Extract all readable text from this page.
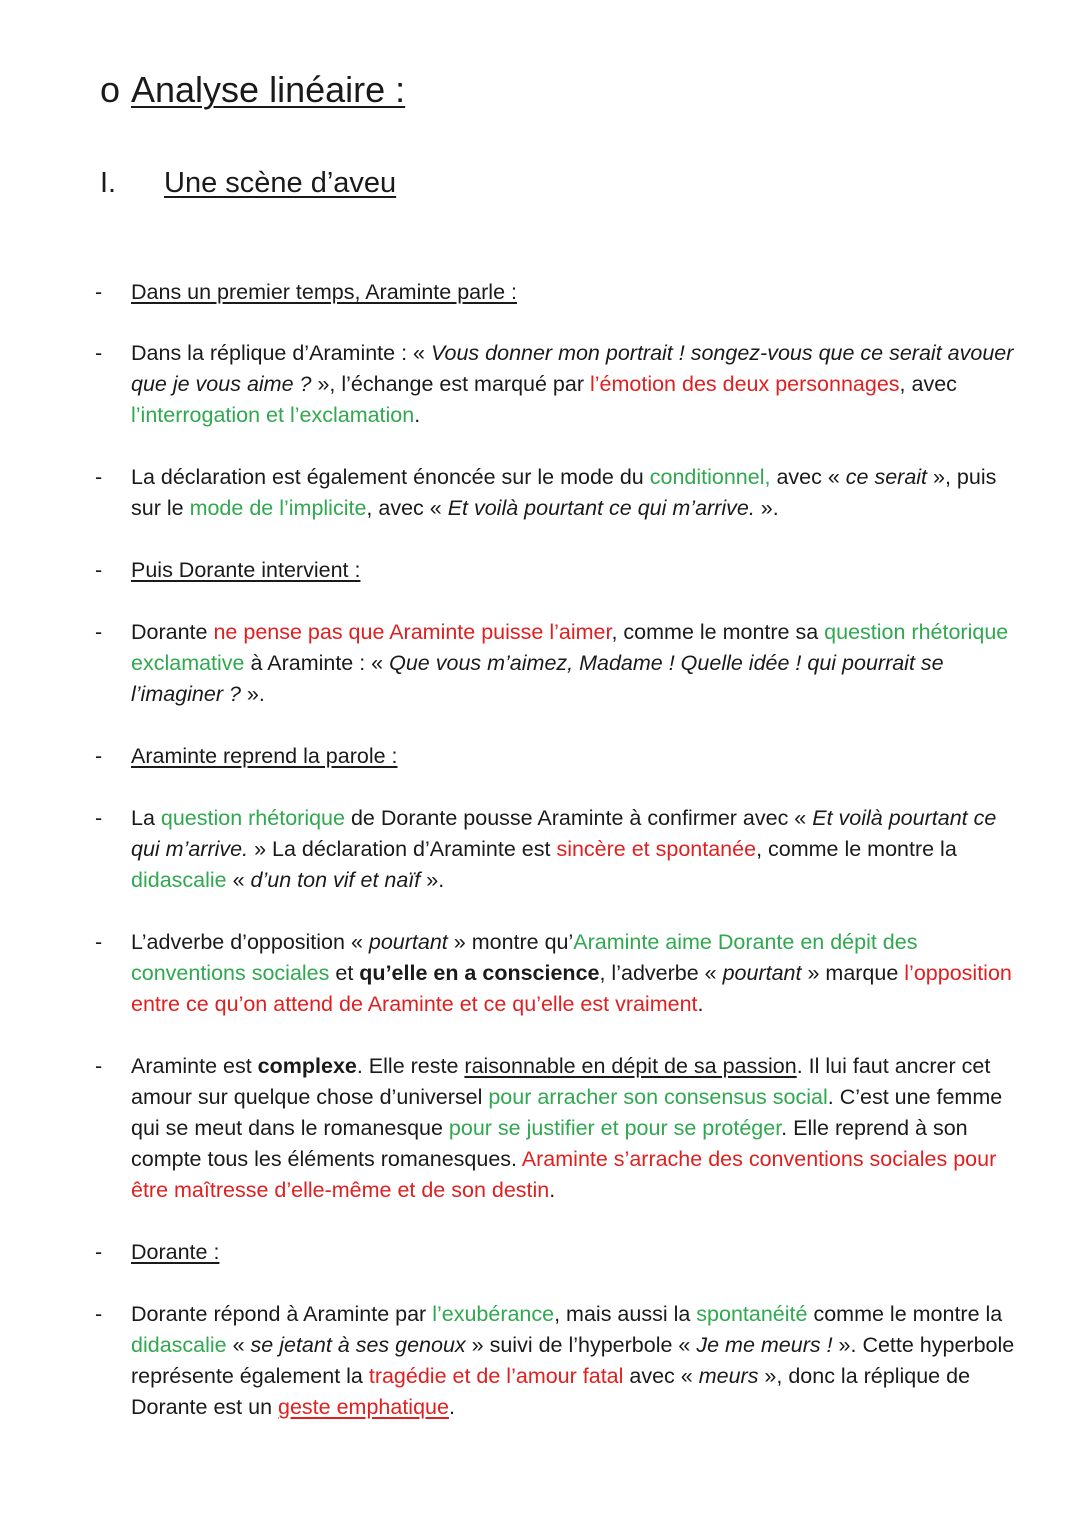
o Analyse linéaire :
I. Une scène d’aveu
- Dans un premier temps, Araminte parle :
- Dans la réplique d’Araminte : « Vous donner mon portrait ! songez-vous que ce serait avouer que je vous aime ? », l’échange est marqué par l’émotion des deux personnages, avec l’interrogation et l’exclamation.
- La déclaration est également énoncée sur le mode du conditionnel, avec « ce serait », puis sur le mode de l’implicite, avec « Et voilà pourtant ce qui m’arrive. ».
- Puis Dorante intervient :
- Dorante ne pense pas que Araminte puisse l’aimer, comme le montre sa question rhétorique exclamative à Araminte : « Que vous m’aimez, Madame ! Quelle idée ! qui pourrait se l’imaginer ? ».
- Araminte reprend la parole :
- La question rhétorique de Dorante pousse Araminte à confirmer avec « Et voilà pourtant ce qui m’arrive. » La déclaration d’Araminte est sincère et spontanée, comme le montre la didascalie « d’un ton vif et naïf ».
- L’adverbe d’opposition « pourtant » montre qu’Araminte aime Dorante en dépit des conventions sociales et qu’elle en a conscience, l’adverbe « pourtant » marque l’opposition entre ce qu’on attend de Araminte et ce qu’elle est vraiment.
- Araminte est complexe. Elle reste raisonnable en dépit de sa passion. Il lui faut ancrer cet amour sur quelque chose d’universel pour arracher son consensus social. C’est une femme qui se meut dans le romanesque pour se justifier et pour se protéger. Elle reprend à son compte tous les éléments romanesques. Araminte s’arrache des conventions sociales pour être maîtresse d’elle-même et de son destin.
- Dorante :
- Dorante répond à Araminte par l’exubérance, mais aussi la spontanéité comme le montre la didascalie « se jetant à ses genoux » suivi de l’hyperbole « Je me meurs ! ». Cette hyperbole représente également la tragédie et de l’amour fatal avec « meurs », donc la réplique de Dorante est un geste emphatique.
